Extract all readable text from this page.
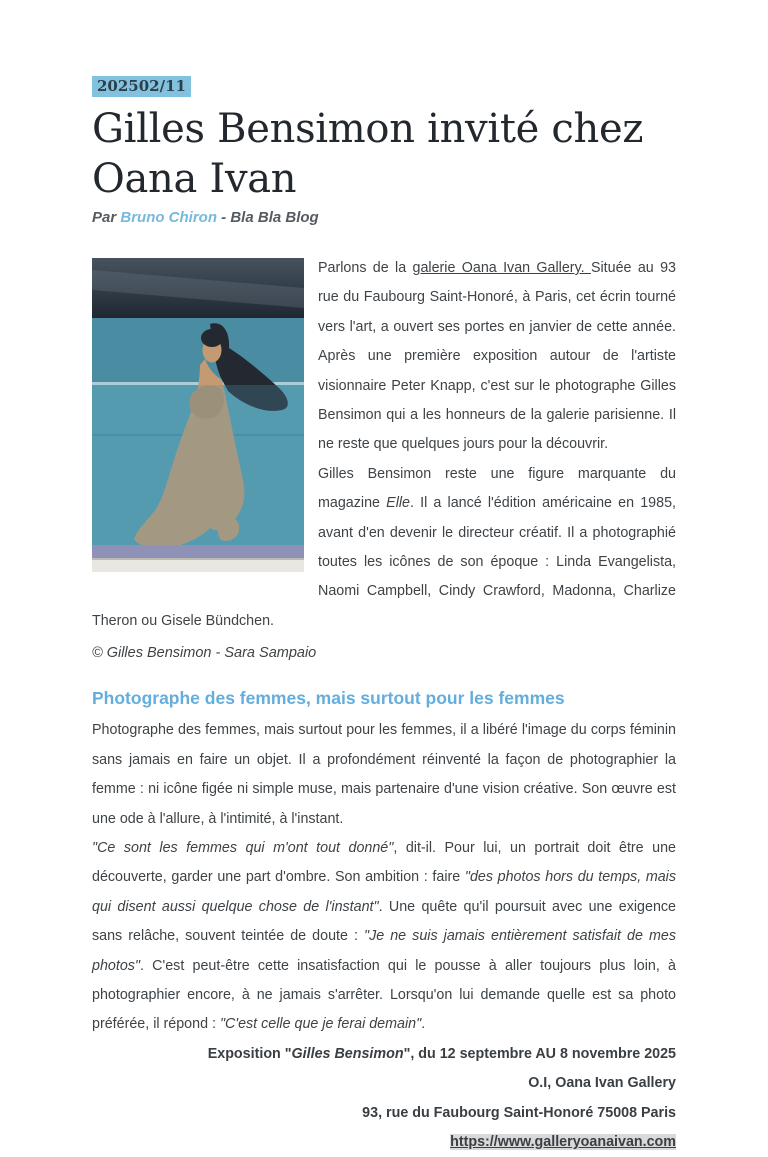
202502/11
Gilles Bensimon invité chez Oana Ivan
Par Bruno Chiron - Bla Bla Blog

Parlons de la galerie Oana Ivan Gallery. Située au 93 rue du Faubourg Saint-Honoré, à Paris, cet écrin tourné vers l'art, a ouvert ses portes en janvier de cette année. Après une première exposition autour de l'artiste visionnaire Peter Knapp, c'est sur le photographe Gilles Bensimon qui a les honneurs de la galerie parisienne. Il ne reste que quelques jours pour la découvrir.

Gilles Bensimon reste une figure marquante du magazine Elle. Il a lancé l'édition américaine en 1985, avant d'en devenir le directeur créatif. Il a photographié toutes les icônes de son époque : Linda Evangelista, Naomi Campbell, Cindy Crawford, Madonna, Charlize Theron ou Gisele Bündchen.

© Gilles Bensimon - Sara Sampaio
Photographe des femmes, mais surtout pour les femmes

Photographe des femmes, mais surtout pour les femmes, il a libéré l'image du corps féminin sans jamais en faire un objet. Il a profondément réinventé la façon de photographier la femme : ni icône figée ni simple muse, mais partenaire d'une vision créative. Son œuvre est une ode à l'allure, à l'intimité, à l'instant.

"Ce sont les femmes qui m'ont tout donné", dit-il. Pour lui, un portrait doit être une découverte, garder une part d'ombre. Son ambition : faire "des photos hors du temps, mais qui disent aussi quelque chose de l'instant". Une quête qu'il poursuit avec une exigence sans relâche, souvent teintée de doute : "Je ne suis jamais entièrement satisfait de mes photos". C'est peut-être cette insatisfaction qui le pousse à aller toujours plus loin, à photographier encore, à ne jamais s'arrêter. Lorsqu'on lui demande quelle est sa photo préférée, il répond : "C'est celle que je ferai demain".

Exposition "Gilles Bensimon", du 12 septembre AU 8 novembre 2025
O.I, Oana Ivan Gallery
93, rue du Faubourg Saint-Honoré 75008 Paris
https://www.galleryoanaivan.com
